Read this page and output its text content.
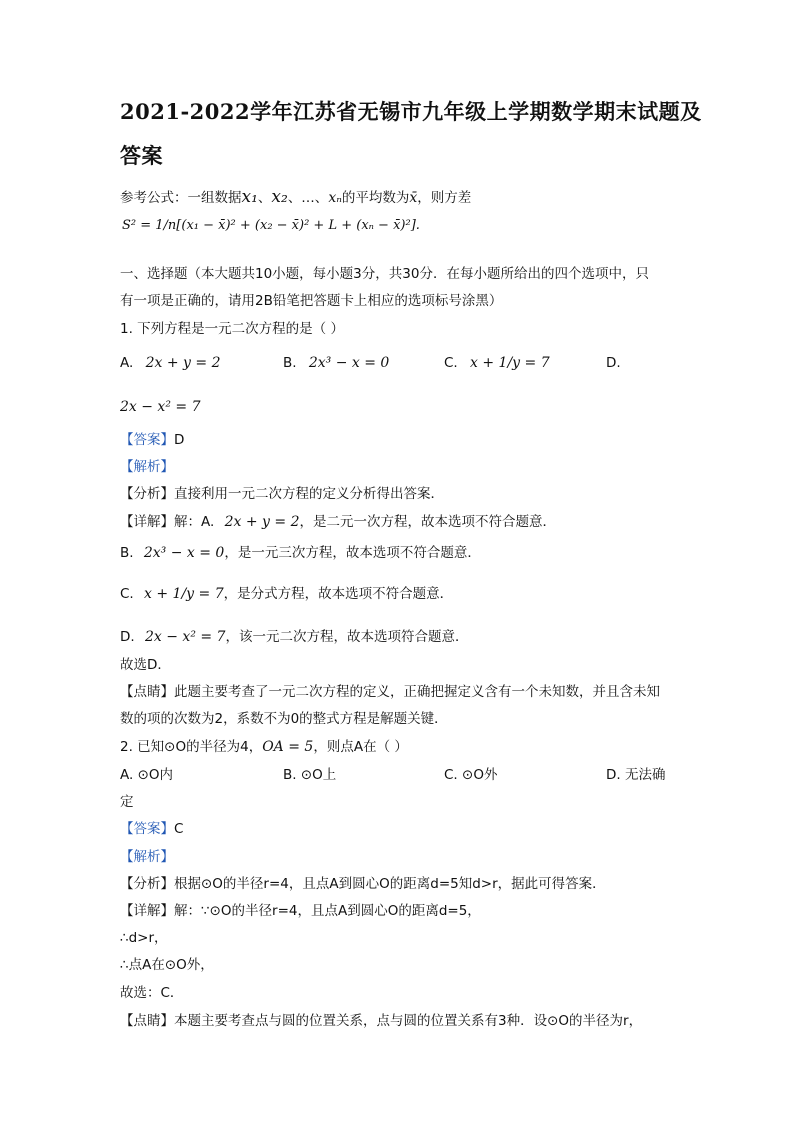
2021-2022学年江苏省无锡市九年级上学期数学期末试题及
答案
参考公式：一组数据x₁、x₂、…、xₙ的平均数为x̄，则方差
S² = 1/n[(x₁ − x̄)² + (x₂ − x̄)² + L + (xₙ − x̄)²].
一、选择题（本大题共10小题，每小题3分，共30分．在每小题所给出的四个选项中，只
有一项是正确的，请用2B铅笔把答题卡上相应的选项标号涂黑）
1. 下列方程是一元二次方程的是（ ）
A. 2x + y = 2	B. 2x³ − x = 0	C. x + 1/y = 7	D.
2x − x² = 7
【答案】D
【解析】
【分析】直接利用一元二次方程的定义分析得出答案．
【详解】解：A. 2x + y = 2，是二元一次方程，故本选项不符合题意．
B. 2x³ − x = 0，是一元三次方程，故本选项不符合题意．
C. x + 1/y = 7，是分式方程，故本选项不符合题意．
D. 2x − x² = 7，该一元二次方程，故本选项符合题意．
故选D．
【点睛】此题主要考查了一元二次方程的定义，正确把握定义含有一个未知数，并且含未知
数的项的次数为2，系数不为0的整式方程是解题关键．
2. 已知⊙O的半径为4，OA = 5，则点A在（ ）
A. ⊙O内	B. ⊙O上	C. ⊙O外	D. 无法确
定
【答案】C
【解析】
【分析】根据⊙O的半径r=4，且点A到圆心O的距离d=5知d>r，据此可得答案．
【详解】解：∵⊙O的半径r=4，且点A到圆心O的距离d=5，
∴d>r，
∴点A在⊙O外，
故选：C．
【点睛】本题主要考查点与圆的位置关系，点与圆的位置关系有3种．设⊙O的半径为r，
